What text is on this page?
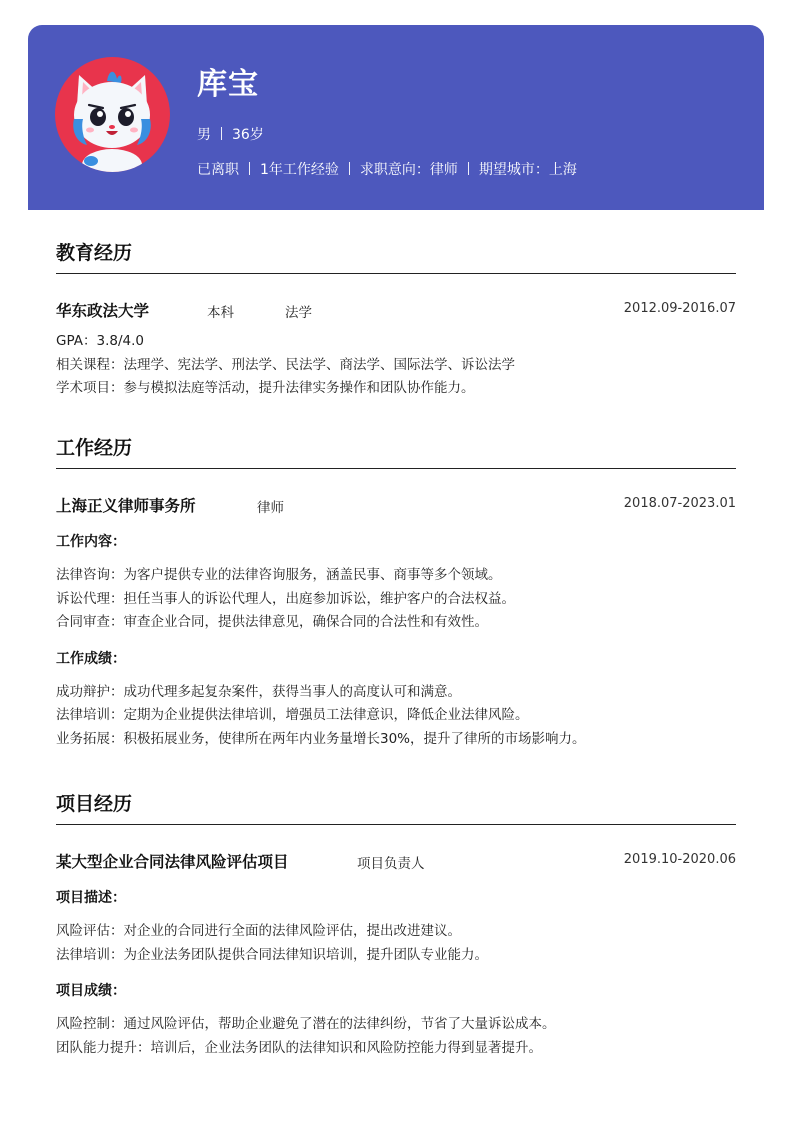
库宝
男 36岁
已离职 1年工作经验 求职意向：律师 期望城市：上海
教育经历
华东政法大学	本科	法学	2012.09-2016.07
GPA：3.8/4.0
相关课程：法理学、宪法学、刑法学、民法学、商法学、国际法学、诉讼法学
学术项目：参与模拟法庭等活动，提升法律实务操作和团队协作能力。
工作经历
上海正义律师事务所	律师	2018.07-2023.01
工作内容：
法律咨询：为客户提供专业的法律咨询服务，涵盖民事、商事等多个领域。
诉讼代理：担任当事人的诉讼代理人，出庭参加诉讼，维护客户的合法权益。
合同审查：审查企业合同，提供法律意见，确保合同的合法性和有效性。
工作成绩：
成功辩护：成功代理多起复杂案件，获得当事人的高度认可和满意。
法律培训：定期为企业提供法律培训，增强员工法律意识，降低企业法律风险。
业务拓展：积极拓展业务，使律所在两年内业务量增长30%，提升了律所的市场影响力。
项目经历
某大型企业合同法律风险评估项目	项目负责人	2019.10-2020.06
项目描述：
风险评估：对企业的合同进行全面的法律风险评估，提出改进建议。
法律培训：为企业法务团队提供合同法律知识培训，提升团队专业能力。
项目成绩：
风险控制：通过风险评估，帮助企业避免了潜在的法律纠纷，节省了大量诉讼成本。
团队能力提升：培训后，企业法务团队的法律知识和风险防控能力得到显著提升。
